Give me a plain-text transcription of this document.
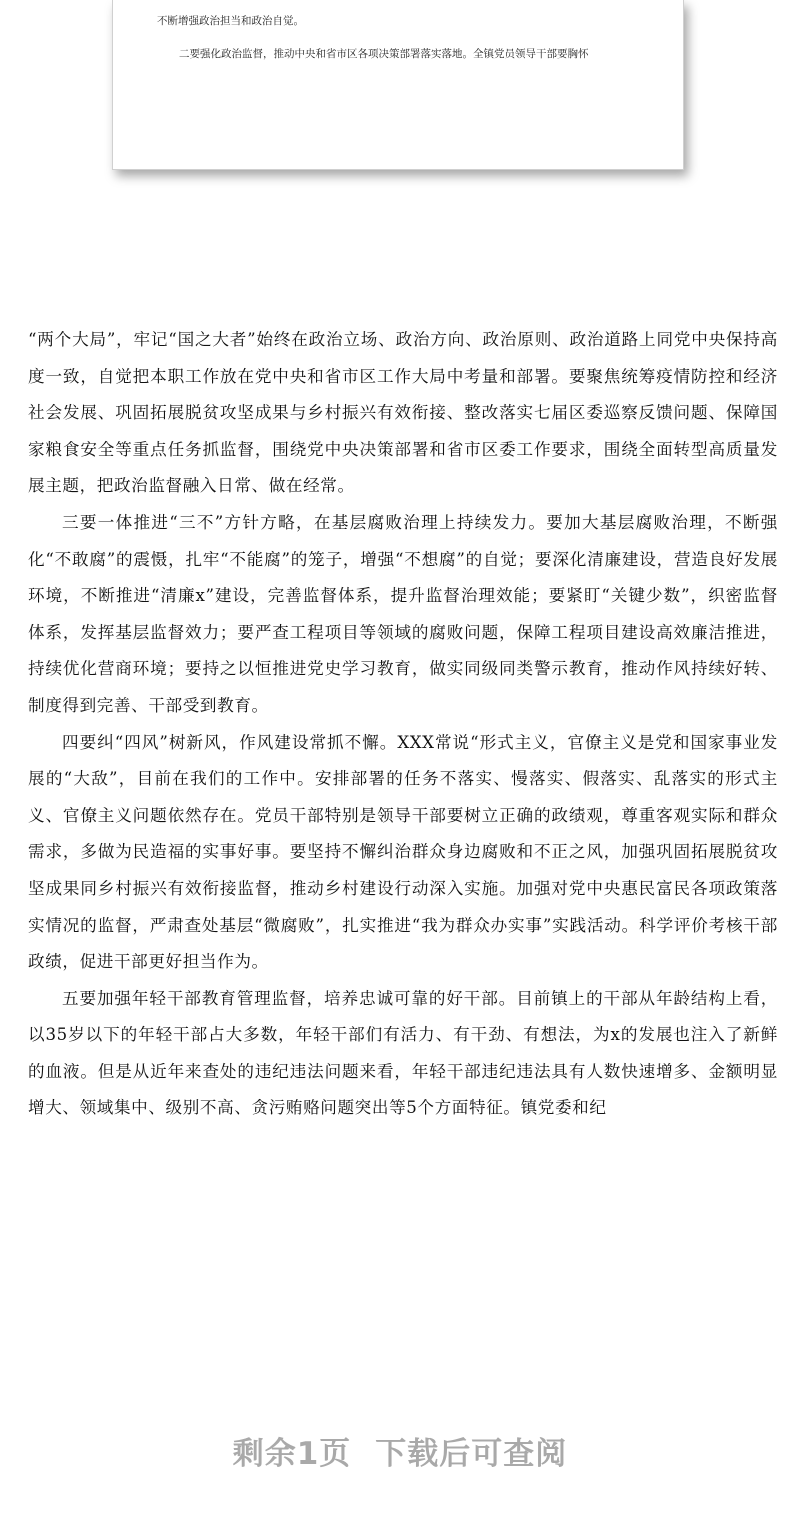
不断增强政治担当和政治自觉。
二要强化政治监督，推动中央和省市区各项决策部署落实落地。全镇党员领导干部要胸怀

“两个大局”，牢记“国之大者”始终在政治立场、政治方向、政治原则、政治道路上同党中央保持高度一致，自觉把本职工作放在党中央和省市区工作大局中考量和部署。要聚焦统筹疫情防控和经济社会发展、巩固拓展脱贫攻坚成果与乡村振兴有效衔接、整改落实七届区委巡察反馈问题、保障国家粮食安全等重点任务抓监督，围绕党中央决策部署和省市区委工作要求，围绕全面转型高质量发展主题，把政治监督融入日常、做在经常。

三要一体推进“三不”方针方略，在基层腐败治理上持续发力。要加大基层腐败治理，不断强化“不敢腐”的震慑，扎牢“不能腐”的笼子，增强“不想腐”的自觉；要深化清廉建设，营造良好发展环境，不断推进“清廉x”建设，完善监督体系，提升监督治理效能；要紧盯“关键少数”，织密监督体系，发挥基层监督效力；要严查工程项目等领域的腐败问题，保障工程项目建设高效廉洁推进，持续优化营商环境；要持之以恒推进党史学习教育，做实同级同类警示教育，推动作风持续好转、制度得到完善、干部受到教育。

四要纠“四风”树新风，作风建设常抓不懈。XXX常说“形式主义，官僚主义是党和国家事业发展的“大敌”，目前在我们的工作中。安排部署的任务不落实、慢落实、假落实、乱落实的形式主义、官僚主义问题依然存在。党员干部特别是领导干部要树立正确的政绩观，尊重客观实际和群众需求，多做为民造福的实事好事。要坚持不懈纠治群众身边腐败和不正之风，加强巩固拓展脱贫攻坚成果同乡村振兴有效衔接监督，推动乡村建设行动深入实施。加强对党中央惠民富民各项政策落实情况的监督，严肃查处基层“微腐败”，扎实推进“我为群众办实事”实践活动。科学评价考核干部政绩，促进干部更好担当作为。

五要加强年轻干部教育管理监督，培养忠诚可靠的好干部。目前镇上的干部从年龄结构上看，以35岁以下的年轻干部占大多数，年轻干部们有活力、有干劲、有想法，为x的发展也注入了新鲜的血液。但是从近年来查处的违纪违法问题来看，年轻干部违纪违法具有人数快速增多、金额明显增大、领域集中、级别不高、贪污贿赂问题突出等5个方面特征。镇党委和纪

剩余1页 下载后可查阅
